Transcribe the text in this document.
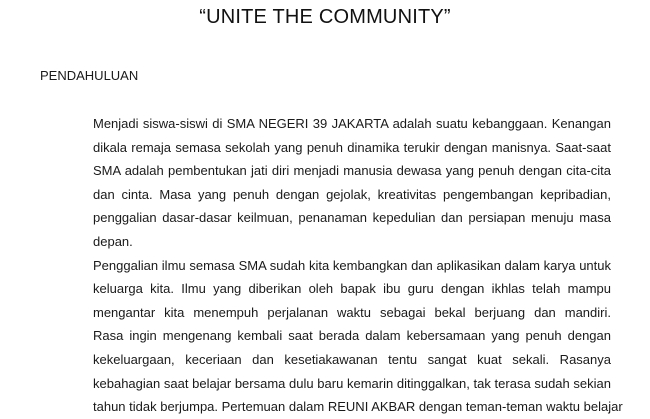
“UNITE THE COMMUNITY”
PENDAHULUAN

Menjadi siswa-siswi di SMA NEGERI 39 JAKARTA adalah suatu kebanggaan. Kenangan
dikala remaja semasa sekolah yang penuh dinamika terukir dengan manisnya. Saat-saat
SMA adalah pembentukan jati diri menjadi manusia dewasa yang penuh dengan cita-cita
dan cinta. Masa yang penuh dengan gejolak, kreativitas pengembangan kepribadian,
penggalian dasar-dasar keilmuan, penanaman kepedulian dan persiapan menuju masa
depan.

Penggalian ilmu semasa SMA sudah kita kembangkan dan aplikasikan dalam karya untuk
keluarga kita. Ilmu yang diberikan oleh bapak ibu guru dengan ikhlas telah mampu
mengantar kita menempuh perjalanan waktu sebagai bekal berjuang dan mandiri.
Rasa ingin mengenang kembali saat berada dalam kebersamaan yang penuh dengan
kekeluargaan, keceriaan dan kesetiakawanan tentu sangat kuat sekali. Rasanya
kebahagian saat belajar bersama dulu baru kemarin ditinggalkan, tak terasa sudah sekian
tahun tidak berjumpa. Pertemuan dalam REUNI AKBAR dengan teman-teman waktu belajar
